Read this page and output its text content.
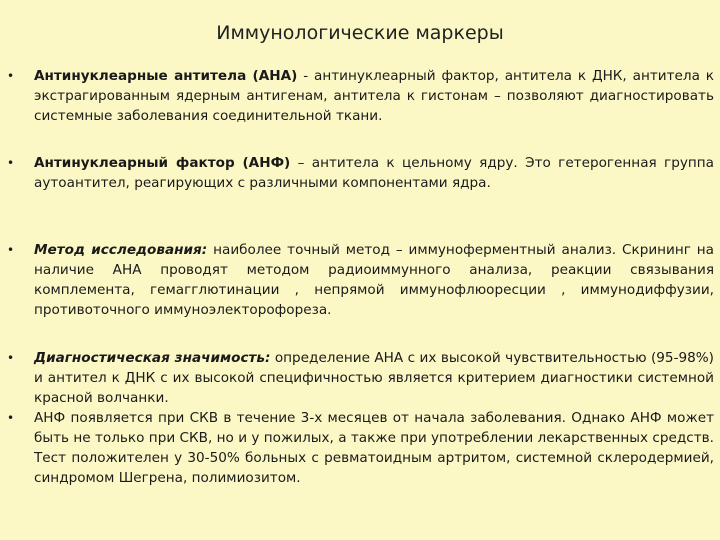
Иммунологические маркеры
• Антинуклеарные антитела (АНА) - антинуклеарный фактор, антитела к ДНК, антитела к экстрагированным ядерным антигенам, антитела к гистонам – позволяют диагностировать системные заболевания соединительной ткани.

• Антинуклеарный фактор (АНФ) – антитела к цельному ядру. Это гетерогенная группа аутоантител, реагирующих с различными компонентами ядра.

• Метод исследования: наиболее точный метод – иммуноферментный анализ. Скрининг на наличие АНА проводят методом радиоиммунного анализа, реакции связывания комплемента, гемагглютинации , непрямой иммунофлюоресции , иммунодиффузии, противоточного иммуноэлекторофореза.

• Диагностическая значимость: определение АНА с их высокой чувствительностью (95-98%) и антител к ДНК с их высокой специфичностью является критерием диагностики системной красной волчанки.

• АНФ появляется при СКВ в течение 3-х месяцев от начала заболевания. Однако АНФ может быть не только при СКВ, но и у пожилых, а также при употреблении лекарственных средств. Тест положителен у 30-50% больных с ревматоидным артритом, системной склеродермией, синдромом Шегрена, полимиозитом.
